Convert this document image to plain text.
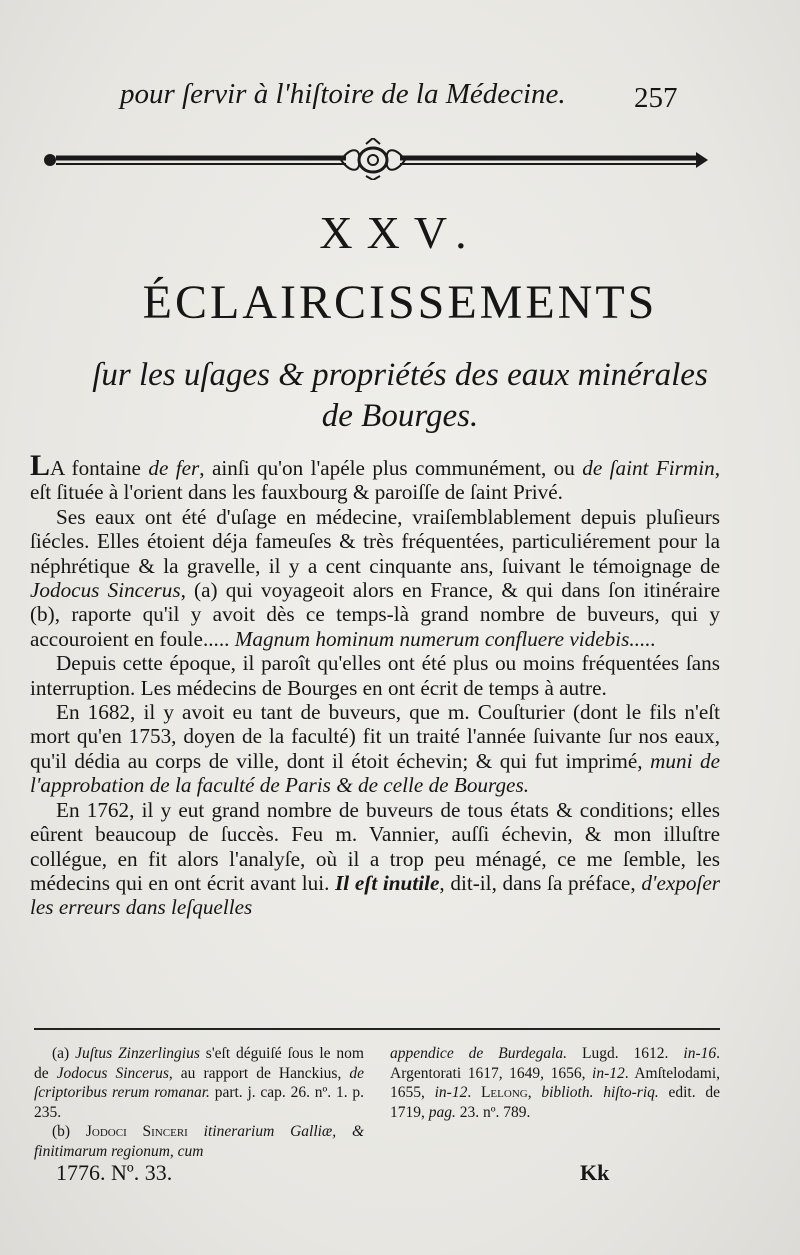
pour ſervir à l'hiſtoire de la Médecine. 257
XXV.
ÉCLAIRCISSEMENTS
ſur les uſages & propriétés des eaux minérales
de Bourges.

LA fontaine de fer, ainſi qu'on l'apéle plus communément, ou de ſaint Firmin, eſt ſituée à l'orient dans les fauxbourg & paroiſſe de ſaint Privé.

Ses eaux ont été d'uſage en médecine, vraiſemblablement depuis pluſieurs ſiécles. Elles étoient déja fameuſes & très fréquentées, particuliérement pour la néphrétique & la gravelle, il y a cent cinquante ans, ſuivant le témoignage de Jodocus Sincerus, (a) qui voyageoit alors en France, & qui dans ſon itinéraire (b), raporte qu'il y avoit dès ce temps-là grand nombre de buveurs, qui y accouroient en foule..... Magnum hominum numerum confluere videbis.....

Depuis cette époque, il paroît qu'elles ont été plus ou moins fréquentées ſans interruption. Les médecins de Bourges en ont écrit de temps à autre.

En 1682, il y avoit eu tant de buveurs, que m. Couſturier (dont le fils n'eſt mort qu'en 1753, doyen de la faculté) fit un traité l'année ſuivante ſur nos eaux, qu'il dédia au corps de ville, dont il étoit échevin; & qui fut imprimé, muni de l'approbation de la faculté de Paris & de celle de Bourges.

En 1762, il y eut grand nombre de buveurs de tous états & conditions; elles eûrent beaucoup de ſuccès. Feu m. Vannier, auſſi échevin, & mon illuſtre collégue, en fit alors l'analyſe, où il a trop peu ménagé, ce me ſemble, les médecins qui en ont écrit avant lui. Il eſt inutile, dit-il, dans ſa préface, d'expoſer les erreurs dans leſquelles

(a) Juſtus Zinzerlingius s'eſt déguiſé ſous le nom de Jodocus Sincerus, au rapport de Hanckius, de ſcriptoribus rerum romanar. part. j. cap. 26. nº. 1. p. 235.

(b) Jodoci Sinceri itinerarium Galliæ, & finitimarum regionum, cum

appendice de Burdegala. Lugd. 1612. in-16. Argentorati 1617, 1649, 1656, in-12. Amſtelodami, 1655, in-12. Lelong, biblioth. hiſto-riq. edit. de 1719, pag. 23. nº. 789.

1776. Nº. 33.	Kk
